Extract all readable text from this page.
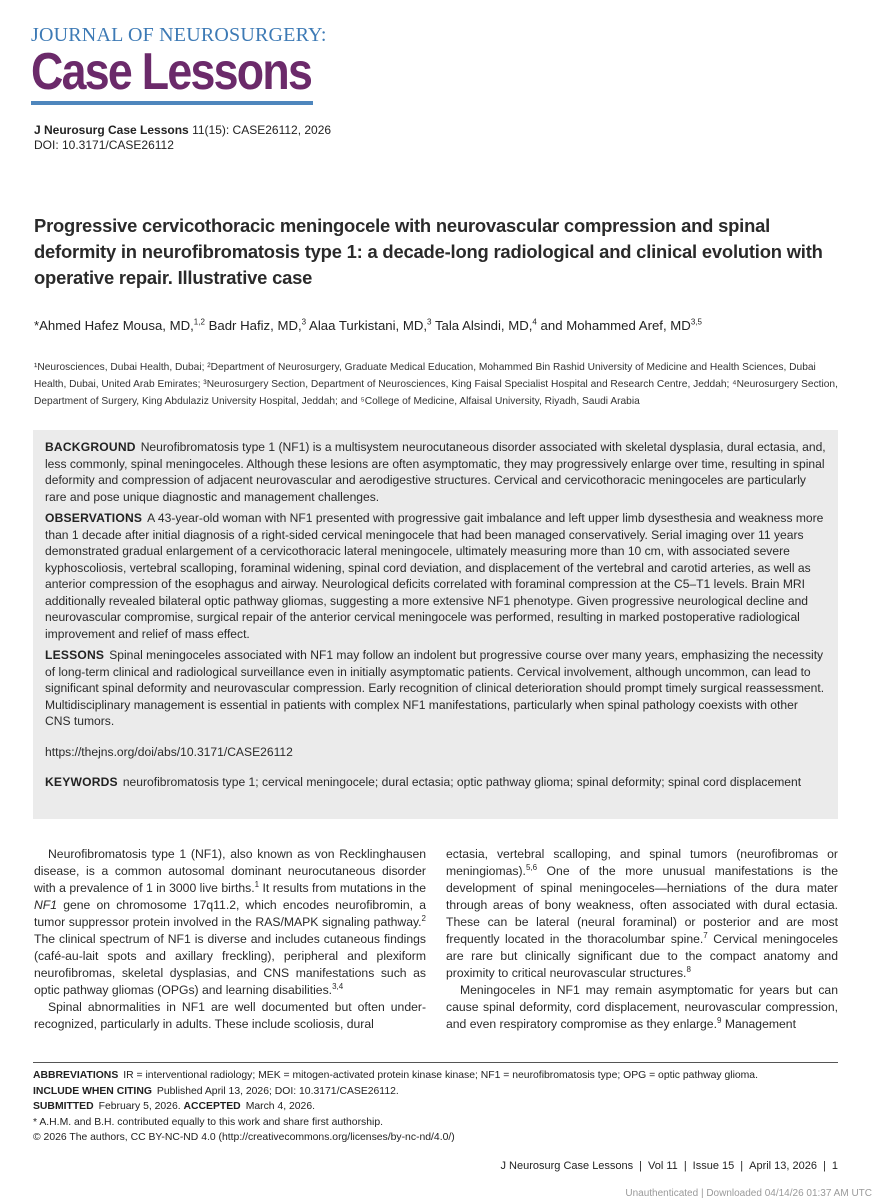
JOURNAL OF NEUROSURGERY:
Case Lessons
J Neurosurg Case Lessons 11(15): CASE26112, 2026
DOI: 10.3171/CASE26112
Progressive cervicothoracic meningocele with neurovascular compression and spinal deformity in neurofibromatosis type 1: a decade-long radiological and clinical evolution with operative repair. Illustrative case
*Ahmed Hafez Mousa, MD,$^{1,2}$ Badr Hafiz, MD,$^3$ Alaa Turkistani, MD,$^3$ Tala Alsindi, MD,$^4$ and Mohammed Aref, MD$^{3,5}$
¹Neurosciences, Dubai Health, Dubai; ²Department of Neurosurgery, Graduate Medical Education, Mohammed Bin Rashid University of Medicine and Health Sciences, Dubai Health, Dubai, United Arab Emirates; ³Neurosurgery Section, Department of Neurosciences, King Faisal Specialist Hospital and Research Centre, Jeddah; ⁴Neurosurgery Section, Department of Surgery, King Abdulaziz University Hospital, Jeddah; and ⁵College of Medicine, Alfaisal University, Riyadh, Saudi Arabia

BACKGROUND Neurofibromatosis type 1 (NF1) is a multisystem neurocutaneous disorder associated with skeletal dysplasia, dural ectasia, and, less commonly, spinal meningoceles. Although these lesions are often asymptomatic, they may progressively enlarge over time, resulting in spinal deformity and compression of adjacent neurovascular and aerodigestive structures. Cervical and cervicothoracic meningoceles are particularly rare and pose unique diagnostic and management challenges.

OBSERVATIONS A 43-year-old woman with NF1 presented with progressive gait imbalance and left upper limb dysesthesia and weakness more than 1 decade after initial diagnosis of a right-sided cervical meningocele that had been managed conservatively. Serial imaging over 11 years demonstrated gradual enlargement of a cervicothoracic lateral meningocele, ultimately measuring more than 10 cm, with associated severe kyphoscoliosis, vertebral scalloping, foraminal widening, spinal cord deviation, and displacement of the vertebral and carotid arteries, as well as anterior compression of the esophagus and airway. Neurological deficits correlated with foraminal compression at the C5–T1 levels. Brain MRI additionally revealed bilateral optic pathway gliomas, suggesting a more extensive NF1 phenotype. Given progressive neurological decline and neurovascular compromise, surgical repair of the anterior cervical meningocele was performed, resulting in marked postoperative radiological improvement and relief of mass effect.

LESSONS Spinal meningoceles associated with NF1 may follow an indolent but progressive course over many years, emphasizing the necessity of long-term clinical and radiological surveillance even in initially asymptomatic patients. Cervical involvement, although uncommon, can lead to significant spinal deformity and neurovascular compression. Early recognition of clinical deterioration should prompt timely surgical reassessment. Multidisciplinary management is essential in patients with complex NF1 manifestations, particularly when spinal pathology coexists with other CNS tumors.

https://thejns.org/doi/abs/10.3171/CASE26112

KEYWORDS neurofibromatosis type 1; cervical meningocele; dural ectasia; optic pathway glioma; spinal deformity; spinal cord displacement

Neurofibromatosis type 1 (NF1), also known as von Recklinghausen disease, is a common autosomal dominant neurocutaneous disorder with a prevalence of 1 in 3000 live births.$^1$ It results from mutations in the NF1 gene on chromosome 17q11.2, which encodes neurofibromin, a tumor suppressor protein involved in the RAS/MAPK signaling pathway.$^2$ The clinical spectrum of NF1 is diverse and includes cutaneous findings (café-au-lait spots and axillary freckling), peripheral and plexiform neurofibromas, skeletal dysplasias, and CNS manifestations such as optic pathway gliomas (OPGs) and learning disabilities.$^{3,4}$

Spinal abnormalities in NF1 are well documented but often under-recognized, particularly in adults. These include scoliosis, dural

ectasia, vertebral scalloping, and spinal tumors (neurofibromas or meningiomas).$^{5,6}$ One of the more unusual manifestations is the development of spinal meningoceles—herniations of the dura mater through areas of bony weakness, often associated with dural ectasia. These can be lateral (neural foraminal) or posterior and are most frequently located in the thoracolumbar spine.$^7$ Cervical meningoceles are rare but clinically significant due to the compact anatomy and proximity to critical neurovascular structures.$^8$

Meningoceles in NF1 may remain asymptomatic for years but can cause spinal deformity, cord displacement, neurovascular compression, and even respiratory compromise as they enlarge.$^9$ Management

ABBREVIATIONS IR = interventional radiology; MEK = mitogen-activated protein kinase kinase; NF1 = neurofibromatosis type; OPG = optic pathway glioma.
INCLUDE WHEN CITING Published April 13, 2026; DOI: 10.3171/CASE26112.
SUBMITTED February 5, 2026. ACCEPTED March 4, 2026.
* A.H.M. and B.H. contributed equally to this work and share first authorship.
© 2026 The authors, CC BY-NC-ND 4.0 (http://creativecommons.org/licenses/by-nc-nd/4.0/)
J Neurosurg Case Lessons | Vol 11 | Issue 15 | April 13, 2026 | 1
Unauthenticated | Downloaded 04/14/26 01:37 AM UTC
